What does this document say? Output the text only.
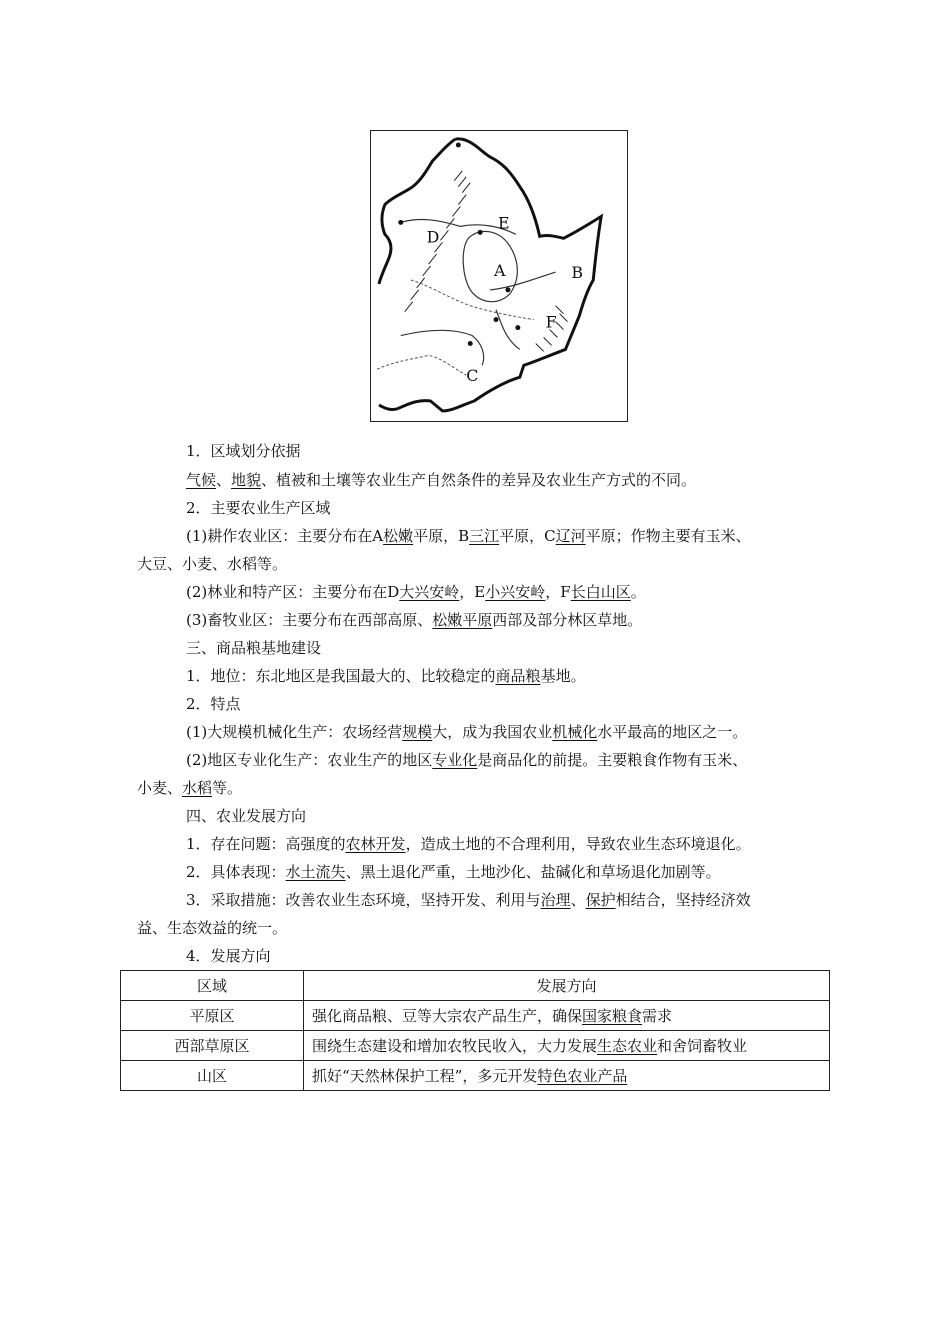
D
E
A	B
F
C
1．区域划分依据
气候、地貌、植被和土壤等农业生产自然条件的差异及农业生产方式的不同。
2．主要农业生产区域
(1)耕作农业区：主要分布在A松嫩平原，B三江平原，C辽河平原；作物主要有玉米、
大豆、小麦、水稻等。
(2)林业和特产区：主要分布在D大兴安岭，E小兴安岭，F长白山区。
(3)畜牧业区：主要分布在西部高原、松嫩平原西部及部分林区草地。
三、商品粮基地建设
1．地位：东北地区是我国最大的、比较稳定的商品粮基地。
2．特点
(1)大规模机械化生产：农场经营规模大，成为我国农业机械化水平最高的地区之一。
(2)地区专业化生产：农业生产的地区专业化是商品化的前提。主要粮食作物有玉米、
小麦、水稻等。
四、农业发展方向
1．存在问题：高强度的农林开发，造成土地的不合理利用，导致农业生态环境退化。
2．具体表现：水土流失、黑土退化严重，土地沙化、盐碱化和草场退化加剧等。
3．采取措施：改善农业生态环境，坚持开发、利用与治理、保护相结合，坚持经济效
益、生态效益的统一。
4．发展方向
区域	发展方向
平原区	强化商品粮、豆等大宗农产品生产，确保国家粮食需求
西部草原区	围绕生态建设和增加农牧民收入，大力发展生态农业和舍饲畜牧业
山区	抓好“天然林保护工程”，多元开发特色农业产品
